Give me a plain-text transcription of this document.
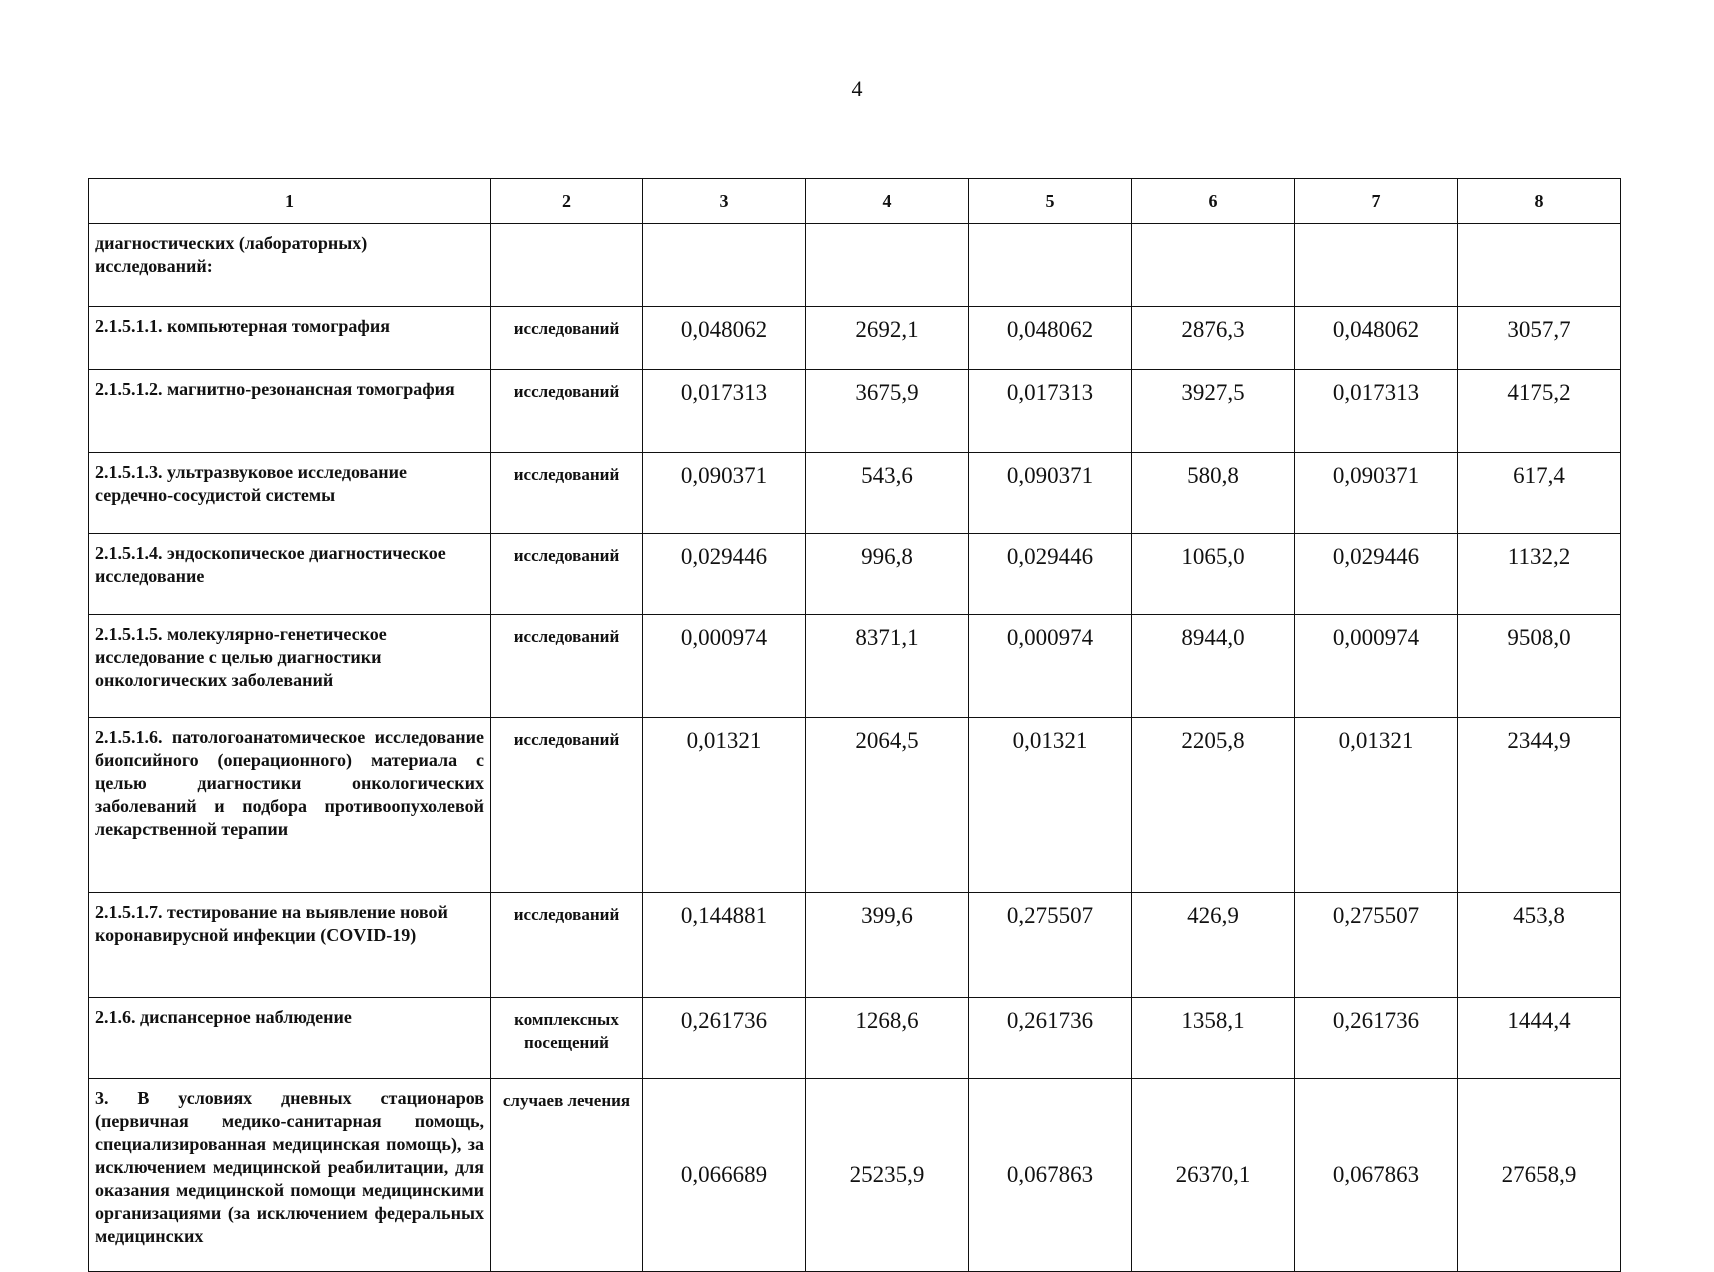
4
1	2	3	4	5	6	7	8
диагностических (лабораторных) исследований:							
2.1.5.1.1. компьютерная томография	исследований	0,048062	2692,1	0,048062	2876,3	0,048062	3057,7
2.1.5.1.2. магнитно-резонансная томография	исследований	0,017313	3675,9	0,017313	3927,5	0,017313	4175,2
2.1.5.1.3. ультразвуковое исследование сердечно-сосудистой системы	исследований	0,090371	543,6	0,090371	580,8	0,090371	617,4
2.1.5.1.4. эндоскопическое диагностическое исследование	исследований	0,029446	996,8	0,029446	1065,0	0,029446	1132,2
2.1.5.1.5. молекулярно-генетическое исследование с целью диагностики онкологических заболеваний	исследований	0,000974	8371,1	0,000974	8944,0	0,000974	9508,0
2.1.5.1.6. патологоанатомическое исследование биопсийного (операционного) материала с целью диагностики онкологических заболеваний и подбора противоопухолевой лекарственной терапии	исследований	0,01321	2064,5	0,01321	2205,8	0,01321	2344,9
2.1.5.1.7. тестирование на выявление новой коронавирусной инфекции (COVID-19)	исследований	0,144881	399,6	0,275507	426,9	0,275507	453,8
2.1.6. диспансерное наблюдение	комплексных посещений	0,261736	1268,6	0,261736	1358,1	0,261736	1444,4
3. В условиях дневных стационаров (первичная медико-санитарная помощь, специализированная медицинская помощь), за исключением медицинской реабилитации, для оказания медицинской помощи медицинскими организациями (за исключением федеральных медицинских	случаев лечения	0,066689	25235,9	0,067863	26370,1	0,067863	27658,9
